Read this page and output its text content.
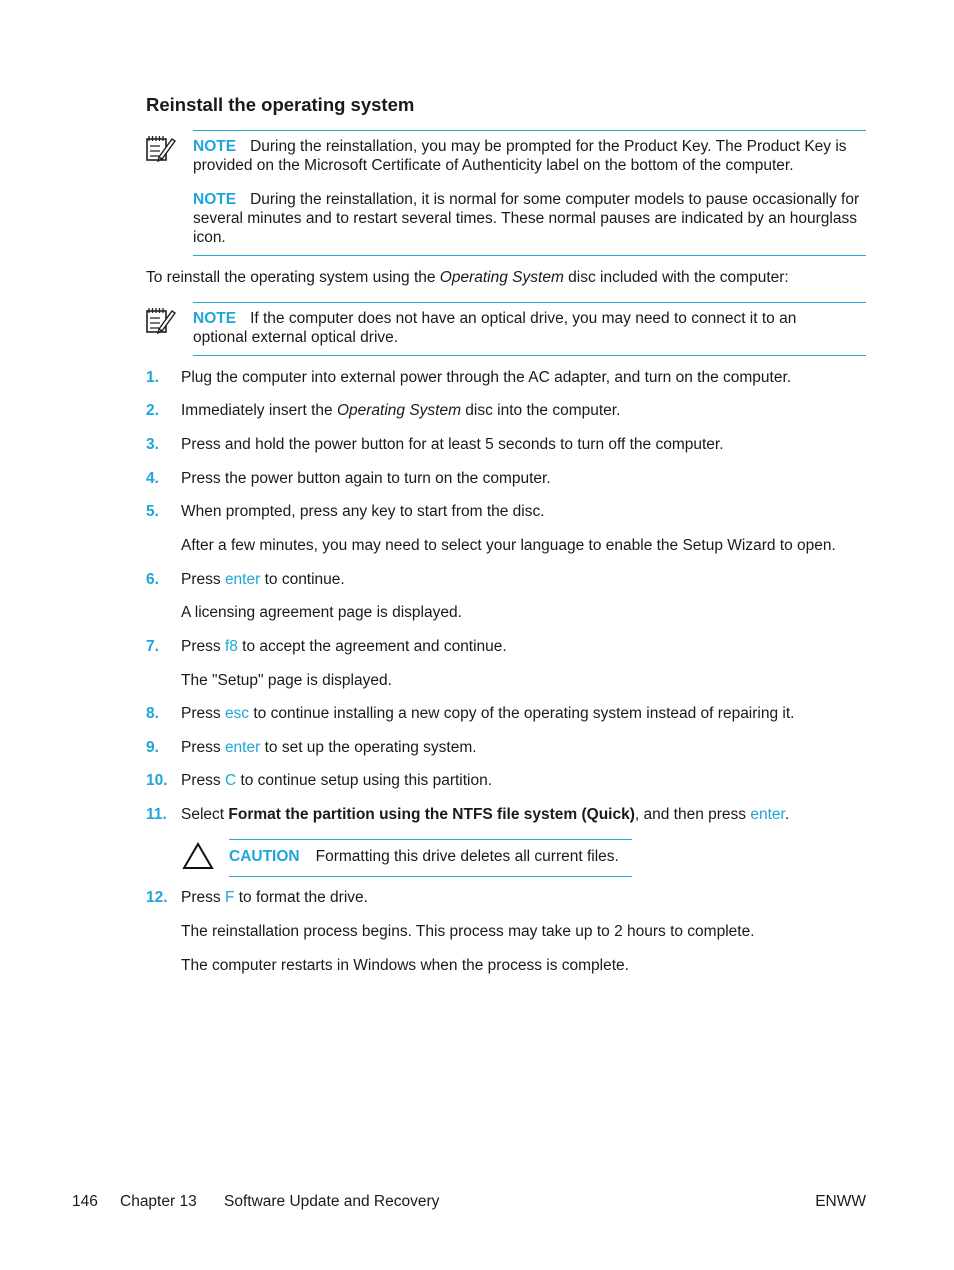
Reinstall the operating system

NOTE During the reinstallation, you may be prompted for the Product Key. The Product Key is provided on the Microsoft Certificate of Authenticity label on the bottom of the computer.

NOTE During the reinstallation, it is normal for some computer models to pause occasionally for several minutes and to restart several times. These normal pauses are indicated by an hourglass icon.

To reinstall the operating system using the Operating System disc included with the computer:

NOTE If the computer does not have an optical drive, you may need to connect it to an optional external optical drive.

1. Plug the computer into external power through the AC adapter, and turn on the computer.

2. Immediately insert the Operating System disc into the computer.

3. Press and hold the power button for at least 5 seconds to turn off the computer.

4. Press the power button again to turn on the computer.

5. When prompted, press any key to start from the disc.

After a few minutes, you may need to select your language to enable the Setup Wizard to open.

6. Press enter to continue.

A licensing agreement page is displayed.

7. Press f8 to accept the agreement and continue.

The "Setup" page is displayed.

8. Press esc to continue installing a new copy of the operating system instead of repairing it.

9. Press enter to set up the operating system.

10. Press C to continue setup using this partition.

11. Select Format the partition using the NTFS file system (Quick), and then press enter.

CAUTION Formatting this drive deletes all current files.

12. Press F to format the drive.

The reinstallation process begins. This process may take up to 2 hours to complete.

The computer restarts in Windows when the process is complete.

146 Chapter 13 Software Update and Recovery	ENWW
